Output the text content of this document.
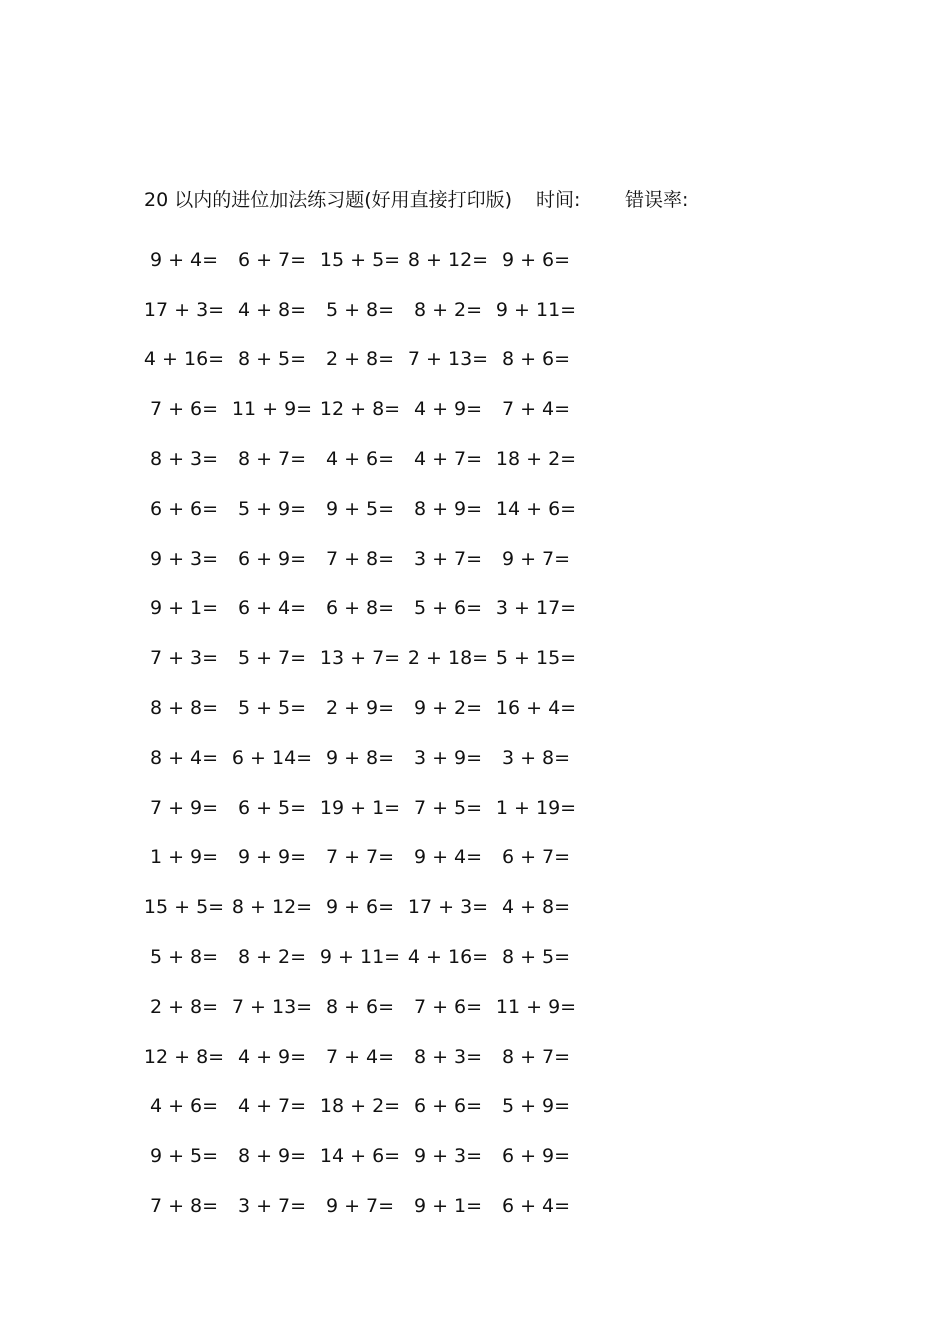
20 以内的进位加法练习题(好用直接打印版) 时间: 错误率:
9 + 4=	6 + 7= 15 + 5= 8 + 12= 9 + 6=
17 + 3= 4 + 8=	5 + 8=	8 + 2= 9 + 11=
4 + 16= 8 + 5=	2 + 8= 7 + 13= 8 + 6=
7 + 6= 11 + 9= 12 + 8= 4 + 9=	7 + 4=
8 + 3=	8 + 7=	4 + 6=	4 + 7= 18 + 2=
6 + 6=	5 + 9=	9 + 5=	8 + 9= 14 + 6=
9 + 3=	6 + 9=	7 + 8=	3 + 7=	9 + 7=
9 + 1=	6 + 4=	6 + 8=	5 + 6= 3 + 17=
7 + 3=	5 + 7= 13 + 7= 2 + 18= 5 + 15=
8 + 8=	5 + 5=	2 + 9=	9 + 2= 16 + 4=
8 + 4= 6 + 14= 9 + 8=	3 + 9=	3 + 8=
7 + 9=	6 + 5= 19 + 1= 7 + 5= 1 + 19=
1 + 9=	9 + 9=	7 + 7=	9 + 4=	6 + 7=
15 + 5= 8 + 12= 9 + 6= 17 + 3= 4 + 8=
5 + 8=	8 + 2= 9 + 11= 4 + 16= 8 + 5=
2 + 8= 7 + 13= 8 + 6=	7 + 6= 11 + 9=
12 + 8= 4 + 9=	7 + 4=	8 + 3=	8 + 7=
4 + 6=	4 + 7= 18 + 2= 6 + 6=	5 + 9=
9 + 5=	8 + 9= 14 + 6= 9 + 3=	6 + 9=
7 + 8=	3 + 7=	9 + 7=	9 + 1=	6 + 4=
